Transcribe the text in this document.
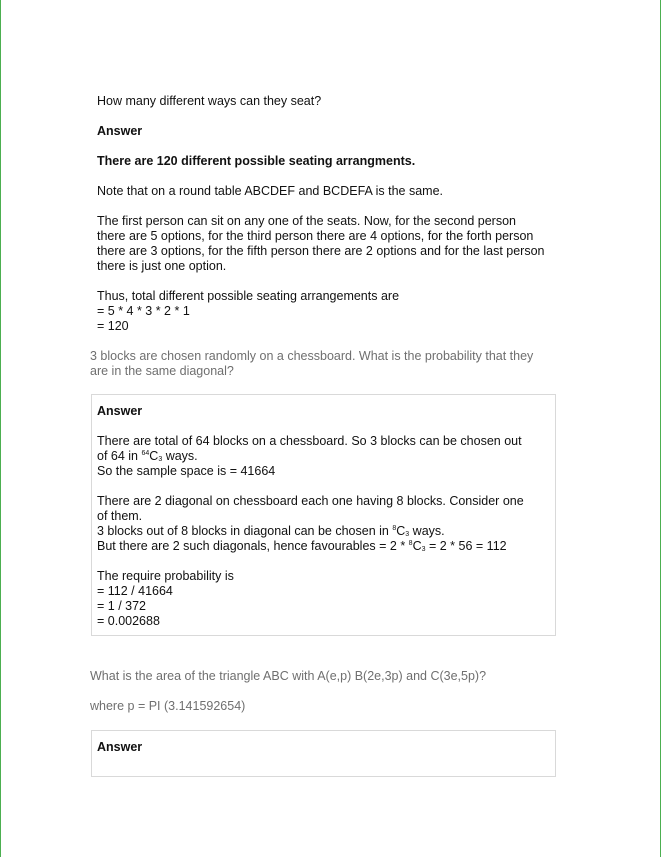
How many different ways can they seat?

Answer

There are 120 different possible seating arrangments.

Note that on a round table ABCDEF and BCDEFA is the same.

The first person can sit on any one of the seats. Now, for the second person
there are 5 options, for the third person there are 4 options, for the forth person
there are 3 options, for the fifth person there are 2 options and for the last person
there is just one option.
Thus, total different possible seating arrangements are
= 5 * 4 * 3 * 2 * 1
= 120
3 blocks are chosen randomly on a chessboard. What is the probability that they
are in the same diagonal?

Answer

There are total of 64 blocks on a chessboard. So 3 blocks can be chosen out
of 64 in $^{64}C_3$ ways.
So the sample space is = 41664
There are 2 diagonal on chessboard each one having 8 blocks. Consider one
of them.
3 blocks out of 8 blocks in diagonal can be chosen in $^8C_3$ ways.
But there are 2 such diagonals, hence favourables = $2 * ^8C_3 = 2 * 56 = 112$
The require probability is
= 112 / 41664
= 1 / 372
= 0.002688

What is the area of the triangle ABC with A(e,p) B(2e,3p) and C(3e,5p)?

where p = PI (3.141592654)

Answer
